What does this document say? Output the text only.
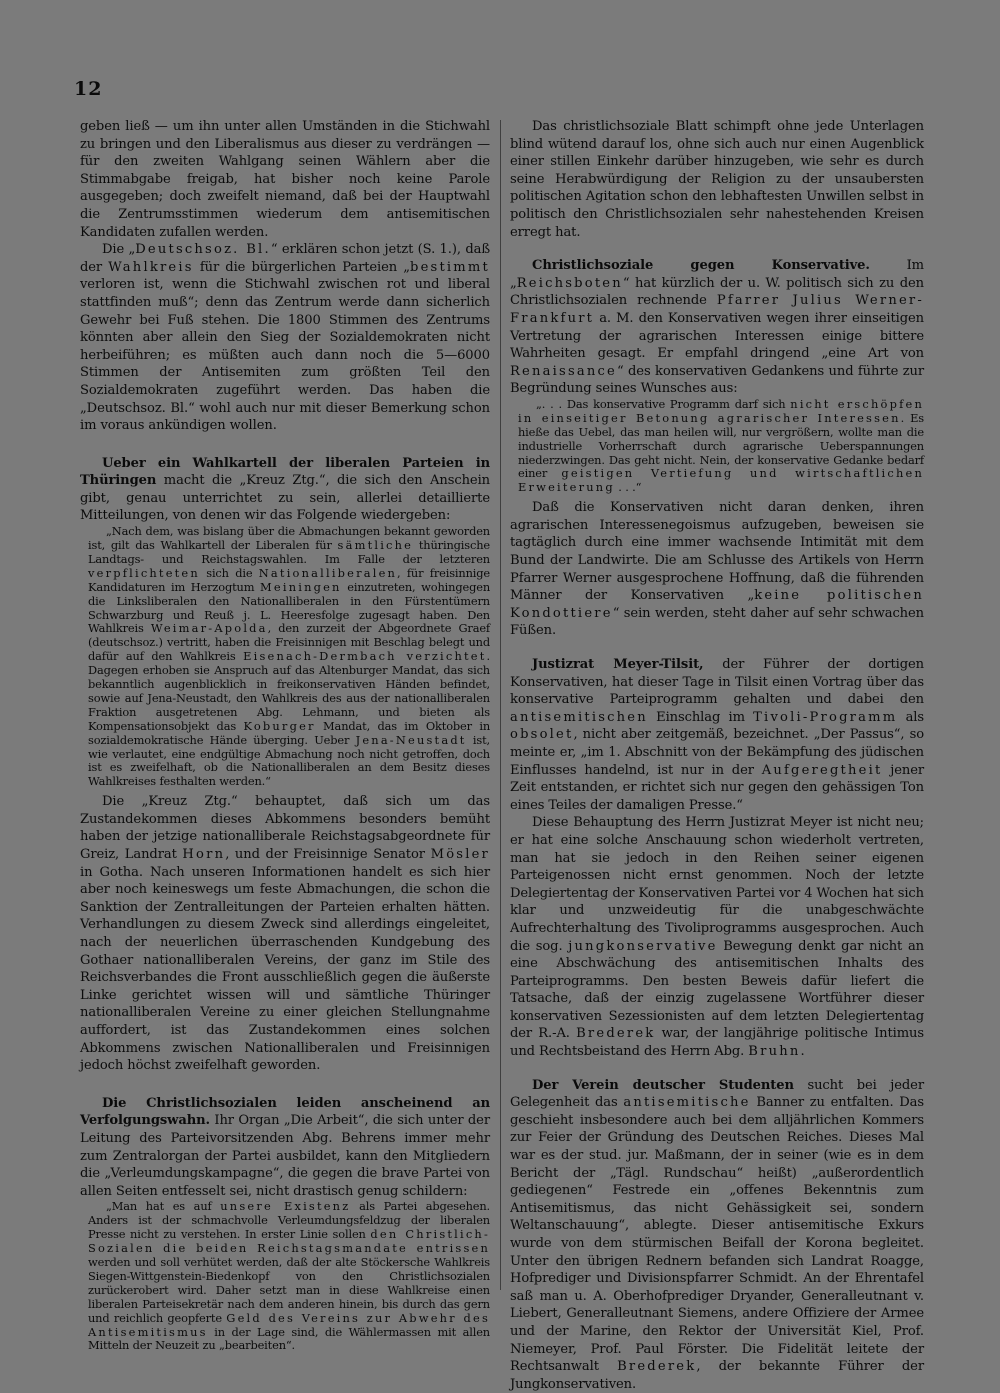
12

geben ließ — um ihn unter allen Umständen in die Stichwahl zu bringen und den Liberalismus aus dieser zu verdrängen — für den zweiten Wahlgang seinen Wählern aber die Stimmabgabe freigab, hat bisher noch keine Parole ausgegeben; doch zweifelt niemand, daß bei der Hauptwahl die Zentrumsstimmen wiederum dem antisemitischen Kandidaten zufallen werden.

Die „Deutschsoz. Bl.“ erklären schon jetzt (S. 1.), daß der Wahlkreis für die bürgerlichen Parteien „bestimmt verloren ist, wenn die Stichwahl zwischen rot und liberal stattfinden muß“; denn das Zentrum werde dann sicherlich Gewehr bei Fuß stehen. Die 1800 Stimmen des Zentrums könnten aber allein den Sieg der Sozialdemokraten nicht herbeiführen; es müßten auch dann noch die 5—6000 Stimmen der Antisemiten zum größten Teil den Sozialdemokraten zugeführt werden. Das haben die „Deutschsoz. Bl.“ wohl auch nur mit dieser Bemerkung schon im voraus ankündigen wollen.

Ueber ein Wahlkartell der liberalen Parteien in Thüringen macht die „Kreuz Ztg.“, die sich den Anschein gibt, genau unterrichtet zu sein, allerlei detaillierte Mitteilungen, von denen wir das Folgende wiedergeben:

„Nach dem, was bislang über die Abmachungen bekannt geworden ist, gilt das Wahlkartell der Liberalen für sämtliche thüringische Landtags- und Reichstagswahlen. Im Falle der letzteren verpflichteten sich die Nationalliberalen, für freisinnige Kandidaturen im Herzogtum Meiningen einzutreten, wohingegen die Linksliberalen den Nationalliberalen in den Fürstentümern Schwarzburg und Reuß j. L. Heeresfolge zugesagt haben. Den Wahlkreis Weimar-Apolda, den zurzeit der Abgeordnete Graef (deutschsoz.) vertritt, haben die Freisinnigen mit Beschlag belegt und dafür auf den Wahlkreis Eisenach-Dermbach verzichtet. Dagegen erhoben sie Anspruch auf das Altenburger Mandat, das sich bekanntlich augenblicklich in freikonservativen Händen befindet, sowie auf Jena-Neustadt, den Wahlkreis des aus der nationalliberalen Fraktion ausgetretenen Abg. Lehmann, und bieten als Kompensationsobjekt das Koburger Mandat, das im Oktober in sozialdemokratische Hände überging. Ueber Jena-Neustadt ist, wie verlautet, eine endgültige Abmachung noch nicht getroffen, doch ist es zweifelhaft, ob die Nationalliberalen an dem Besitz dieses Wahlkreises festhalten werden.“

Die „Kreuz Ztg.“ behauptet, daß sich um das Zustandekommen dieses Abkommens besonders bemüht haben der jetzige nationalliberale Reichstagsabgeordnete für Greiz, Landrat Horn, und der Freisinnige Senator Mösler in Gotha. Nach unseren Informationen handelt es sich hier aber noch keineswegs um feste Abmachungen, die schon die Sanktion der Zentralleitungen der Parteien erhalten hätten. Verhandlungen zu diesem Zweck sind allerdings eingeleitet, nach der neuerlichen überraschenden Kundgebung des Gothaer nationalliberalen Vereins, der ganz im Stile des Reichsverbandes die Front ausschließlich gegen die äußerste Linke gerichtet wissen will und sämtliche Thüringer nationalliberalen Vereine zu einer gleichen Stellungnahme auffordert, ist das Zustandekommen eines solchen Abkommens zwischen Nationalliberalen und Freisinnigen jedoch höchst zweifelhaft geworden.

Die Christlichsozialen leiden anscheinend an Verfolgungswahn. Ihr Organ „Die Arbeit“, die sich unter der Leitung des Parteivorsitzenden Abg. Behrens immer mehr zum Zentralorgan der Partei ausbildet, kann den Mitgliedern die „Verleumdungskampagne“, die gegen die brave Partei von allen Seiten entfesselt sei, nicht drastisch genug schildern:

„Man hat es auf unsere Existenz als Partei abgesehen. Anders ist der schmachvolle Verleumdungsfeldzug der liberalen Presse nicht zu verstehen. In erster Linie sollen den Christlich-Sozialen die beiden Reichstagsmandate entrissen werden und soll verhütet werden, daß der alte Stöckersche Wahlkreis Siegen-Wittgenstein-Biedenkopf von den Christlichsozialen zurückerobert wird. Daher setzt man in diese Wahlkreise einen liberalen Parteisekretär nach dem anderen hinein, bis durch das gern und reichlich geopferte Geld des Vereins zur Abwehr des Antisemitismus in der Lage sind, die Wählermassen mit allen Mitteln der Neuzeit zu „bearbeiten“.

Das christlichsoziale Blatt schimpft ohne jede Unterlagen blind wütend darauf los, ohne sich auch nur einen Augenblick einer stillen Einkehr darüber hinzugeben, wie sehr es durch seine Herabwürdigung der Religion zu der unsaubersten politischen Agitation schon den lebhaftesten Unwillen selbst in politisch den Christlichsozialen sehr nahestehenden Kreisen erregt hat.

Christlichsoziale gegen Konservative. Im „Reichsboten“ hat kürzlich der u. W. politisch sich zu den Christlichsozialen rechnende Pfarrer Julius Werner-Frankfurt a. M. den Konservativen wegen ihrer einseitigen Vertretung der agrarischen Interessen einige bittere Wahrheiten gesagt. Er empfahl dringend „eine Art von Renaissance“ des konservativen Gedankens und führte zur Begründung seines Wunsches aus:

„. . . Das konservative Programm darf sich nicht erschöpfen in einseitiger Betonung agrarischer Interessen. Es hieße das Uebel, das man heilen will, nur vergrößern, wollte man die industrielle Vorherrschaft durch agrarische Ueberspannungen niederzwingen. Das geht nicht. Nein, der konservative Gedanke bedarf einer geistigen Vertiefung und wirtschaftlichen Erweiterung . . .“

Daß die Konservativen nicht daran denken, ihren agrarischen Interessenegoismus aufzugeben, beweisen sie tagtäglich durch eine immer wachsende Intimität mit dem Bund der Landwirte. Die am Schlusse des Artikels von Herrn Pfarrer Werner ausgesprochene Hoffnung, daß die führenden Männer der Konservativen „keine politischen Kondottiere“ sein werden, steht daher auf sehr schwachen Füßen.

Justizrat Meyer-Tilsit, der Führer der dortigen Konservativen, hat dieser Tage in Tilsit einen Vortrag über das konservative Parteiprogramm gehalten und dabei den antisemitischen Einschlag im Tivoli-Programm als obsolet, nicht aber zeitgemäß, bezeichnet. „Der Passus“, so meinte er, „im 1. Abschnitt von der Bekämpfung des jüdischen Einflusses handelnd, ist nur in der Aufgeregtheit jener Zeit entstanden, er richtet sich nur gegen den gehässigen Ton eines Teiles der damaligen Presse.“

Diese Behauptung des Herrn Justizrat Meyer ist nicht neu; er hat eine solche Anschauung schon wiederholt vertreten, man hat sie jedoch in den Reihen seiner eigenen Parteigenossen nicht ernst genommen. Noch der letzte Delegiertentag der Konservativen Partei vor 4 Wochen hat sich klar und unzweideutig für die unabgeschwächte Aufrechterhaltung des Tivoliprogramms ausgesprochen. Auch die sog. jungkonservative Bewegung denkt gar nicht an eine Abschwächung des antisemitischen Inhalts des Parteiprogramms. Den besten Beweis dafür liefert die Tatsache, daß der einzig zugelassene Wortführer dieser konservativen Sezessionisten auf dem letzten Delegiertentag der R.-A. Brederek war, der langjährige politische Intimus und Rechtsbeistand des Herrn Abg. Bruhn.

Der Verein deutscher Studenten sucht bei jeder Gelegenheit das antisemitische Banner zu entfalten. Das geschieht insbesondere auch bei dem alljährlichen Kommers zur Feier der Gründung des Deutschen Reiches. Dieses Mal war es der stud. jur. Maßmann, der in seiner (wie es in dem Bericht der „Tägl. Rundschau“ heißt) „außerordentlich gediegenen“ Festrede ein „offenes Bekenntnis zum Antisemitismus, das nicht Gehässigkeit sei, sondern Weltanschauung“, ablegte. Dieser antisemitische Exkurs wurde von dem stürmischen Beifall der Korona begleitet. Unter den übrigen Rednern befanden sich Landrat Roagge, Hofprediger und Divisionspfarrer Schmidt. An der Ehrentafel saß man u. A. Oberhofprediger Dryander, Generalleutnant v. Liebert, Generalleutnant Siemens, andere Offiziere der Armee und der Marine, den Rektor der Universität Kiel, Prof. Niemeyer, Prof. Paul Förster. Die Fidelität leitete der Rechtsanwalt Brederek, der bekannte Führer der Jungkonservativen.
